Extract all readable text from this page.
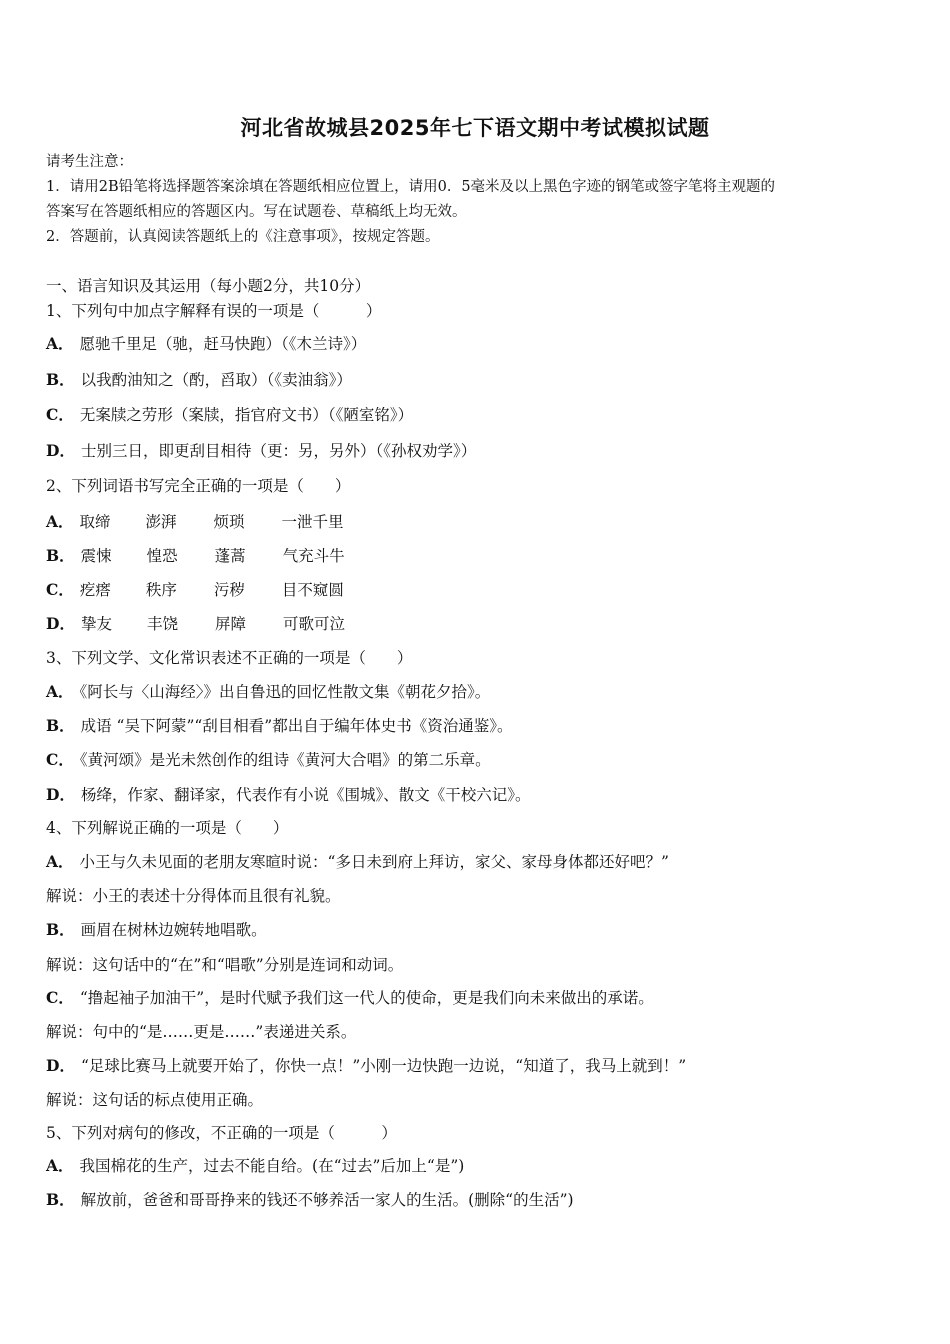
河北省故城县2025年七下语文期中考试模拟试题
请考生注意：
1．请用2B铅笔将选择题答案涂填在答题纸相应位置上，请用0．5毫米及以上黑色字迹的钢笔或签字笔将主观题的
答案写在答题纸相应的答题区内。写在试题卷、草稿纸上均无效。
2．答题前，认真阅读答题纸上的《注意事项》，按规定答题。
一、语言知识及其运用（每小题2分，共10分）
1、下列句中加点字解释有误的一项是（　　　）
A． 愿驰千里足（驰，赶马快跑）（《木兰诗》）
B． 以我酌油知之（酌，舀取）（《卖油翁》）
C． 无案牍之劳形（案牍，指官府文书）（《陋室铭》）
D． 士别三日，即更刮目相待（更：另，另外）（《孙权劝学》）
2、下列词语书写完全正确的一项是（　　）
A． 取缔	澎湃	烦琐	一泄千里
B． 震悚	惶恐	蓬蒿	气充斗牛
C． 疙瘩	秩序	污秽	目不窥圆
D． 挚友	丰饶	屏障	可歌可泣
3、下列文学、文化常识表述不正确的一项是（　　）
A． 《阿长与〈山海经〉》出自鲁迅的回忆性散文集《朝花夕拾》。
B． 成语 “吴下阿蒙”“刮目相看”都出自于编年体史书《资治通鉴》。
C． 《黄河颂》是光未然创作的组诗《黄河大合唱》的第二乐章。
D． 杨绛，作家、翻译家，代表作有小说《围城》、散文《干校六记》。
4、下列解说正确的一项是（　　）
A． 小王与久未见面的老朋友寒暄时说：“多日未到府上拜访，家父、家母身体都还好吧？”
解说：小王的表述十分得体而且很有礼貌。
B． 画眉在树林边婉转地唱歌。
解说：这句话中的“在”和“唱歌”分别是连词和动词。
C． “撸起袖子加油干”，是时代赋予我们这一代人的使命，更是我们向未来做出的承诺。
解说：句中的“是……更是……”表递进关系。
D． “足球比赛马上就要开始了，你快一点！”小刚一边快跑一边说，“知道了，我马上就到！”
解说：这句话的标点使用正确。
5、下列对病句的修改，不正确的一项是（　　　）
A． 我国棉花的生产，过去不能自给。(在“过去”后加上“是”)
B． 解放前，爸爸和哥哥挣来的钱还不够养活一家人的生活。(删除“的生活”)
